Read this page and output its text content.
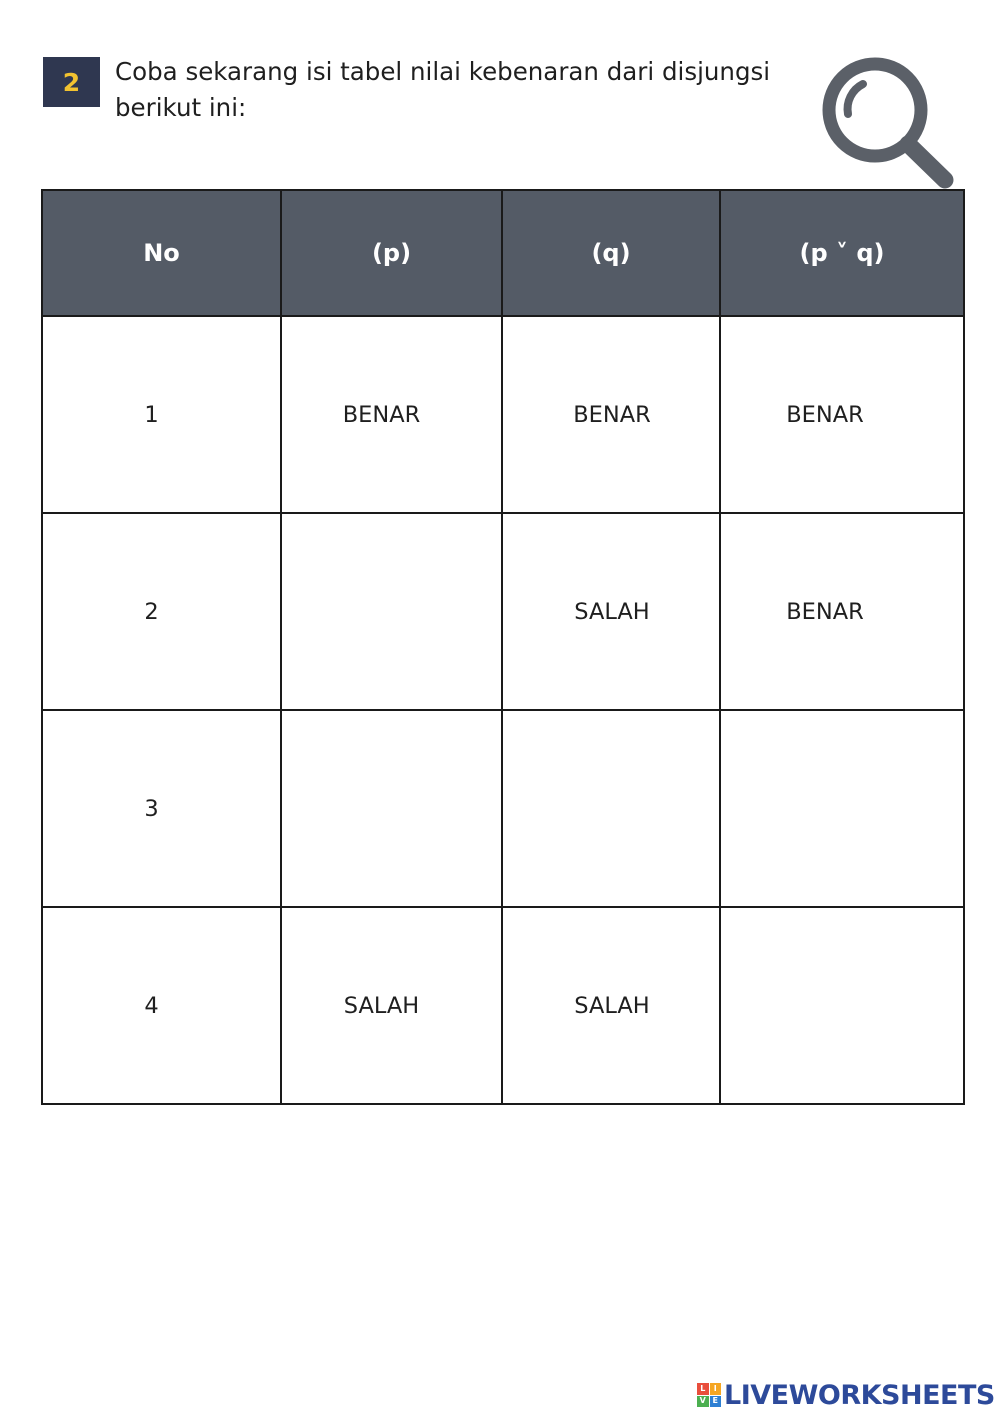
2 Coba sekarang isi tabel nilai kebenaran dari disjungsi berikut ini:

No	(p)	(q)	(p ˅ q)
1	BENAR	BENAR	BENAR
2		SALAH	BENAR
3			
4	SALAH	SALAH	
L	I
V E LIVEWORKSHEETS
